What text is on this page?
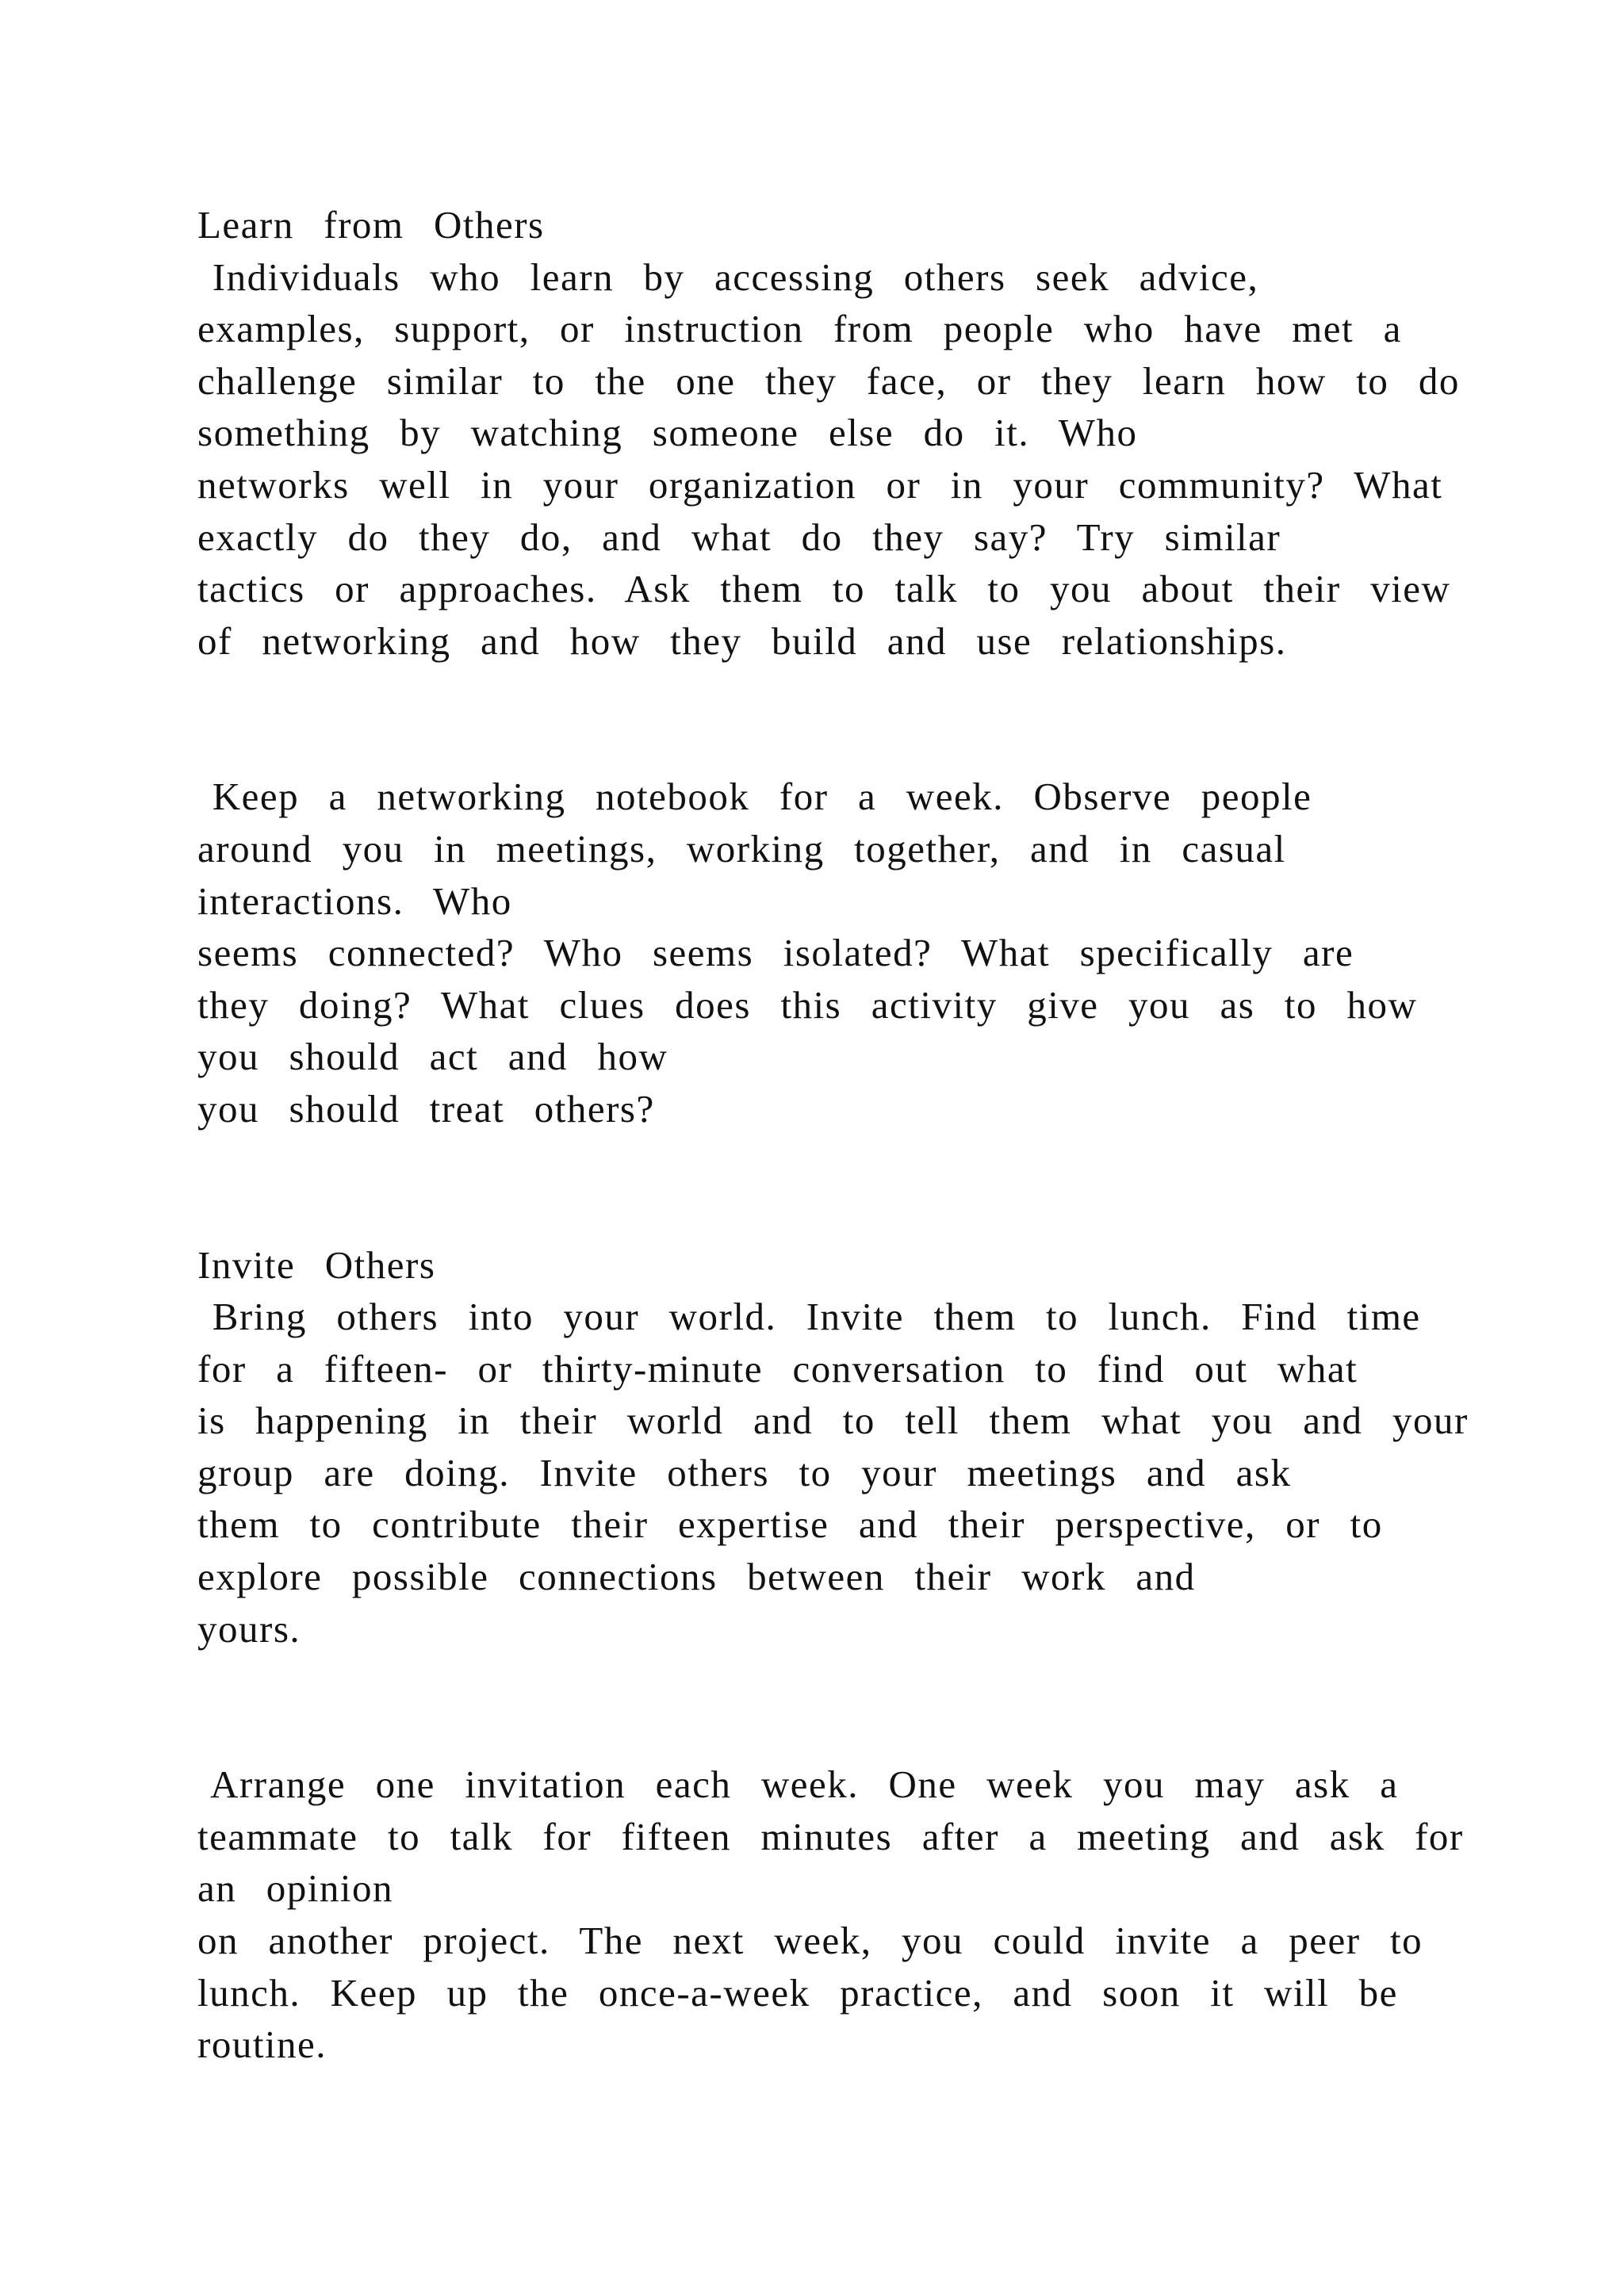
Learn  from  Others
Individuals  who  learn  by  accessing  others  seek  advice,
examples,  support,  or  instruction  from  people  who  have  met  a
challenge  similar  to  the  one  they  face,  or  they  learn  how  to  do
something  by  watching  someone  else  do  it.  Who
networks  well  in  your  organization  or  in  your  community?  What
exactly  do  they  do,  and  what  do  they  say?  Try  similar
tactics  or  approaches.  Ask  them  to  talk  to  you  about  their  view
of  networking  and  how  they  build  and  use  relationships.
Keep  a  networking  notebook  for  a  week.  Observe  people
around  you  in  meetings,  working  together,  and  in  casual
interactions.  Who
seems  connected?  Who  seems  isolated?  What  specifically  are
they  doing?  What  clues  does  this  activity  give  you  as  to  how
you  should  act  and  how
you  should  treat  others?
Invite  Others
Bring  others  into  your  world.  Invite  them  to  lunch.  Find  time
for  a  fifteen-  or  thirty-minute  conversation  to  find  out  what
is  happening  in  their  world  and  to  tell  them  what  you  and  your
group  are  doing.  Invite  others  to  your  meetings  and  ask
them  to  contribute  their  expertise  and  their  perspective,  or  to
explore  possible  connections  between  their  work  and
yours.
Arrange  one  invitation  each  week.  One  week  you  may  ask  a
teammate  to  talk  for  fifteen  minutes  after  a  meeting  and  ask  for
an  opinion
on  another  project.  The  next  week,  you  could  invite  a  peer  to
lunch.  Keep  up  the  once-a-week  practice,  and  soon  it  will  be
routine.
